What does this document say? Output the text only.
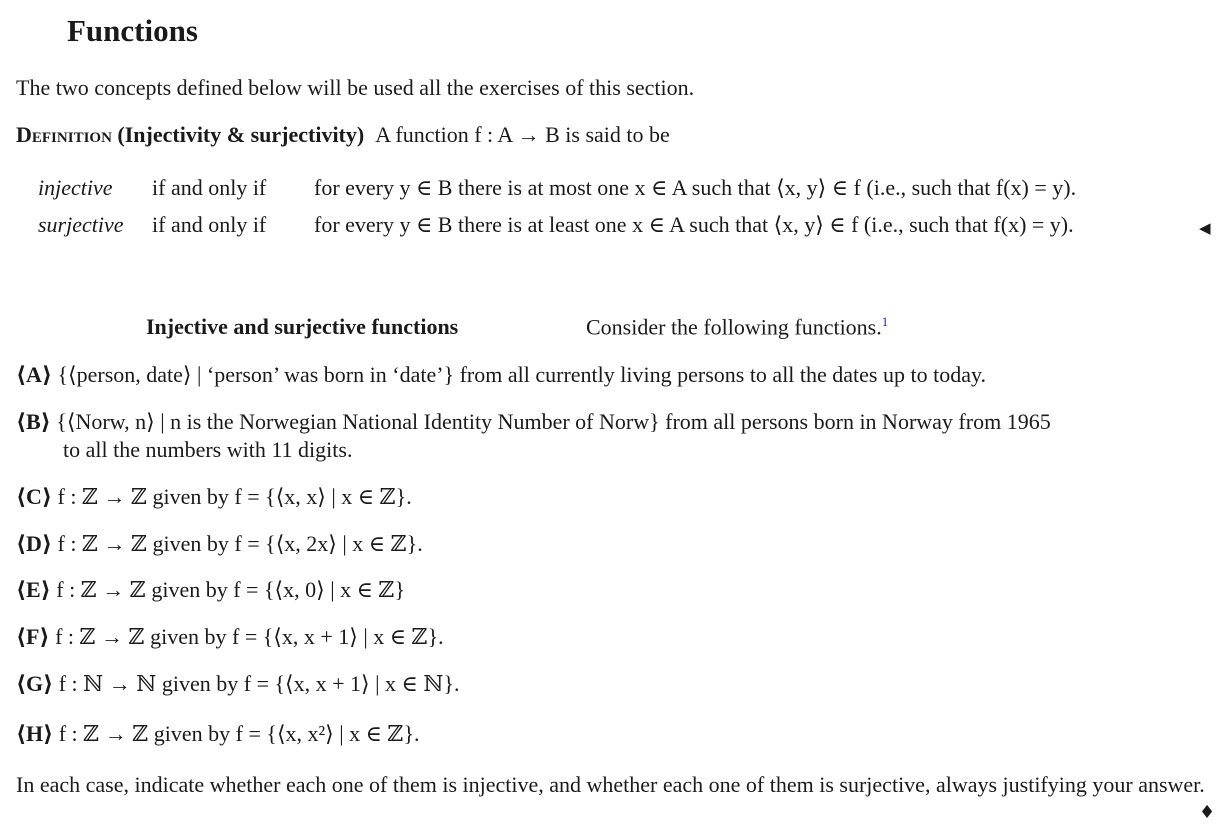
Functions
The two concepts defined below will be used all the exercises of this section.
Definition (Injectivity & surjectivity) A function f : A → B is said to be
injective if and only if for every y ∈ B there is at most one x ∈ A such that ⟨x, y⟩ ∈ f (i.e., such that f(x) = y).
surjective if and only if for every y ∈ B there is at least one x ∈ A such that ⟨x, y⟩ ∈ f (i.e., such that f(x) = y).	◀
Injective and surjective functions	Consider the following functions.$^1$
⟨A⟩ {⟨person, date⟩ | ‘person’ was born in ‘date’} from all currently living persons to all the dates up to today.
⟨B⟩ {⟨Norw, n⟩ | n is the Norwegian National Identity Number of Norw} from all persons born in Norway from 1965
to all the numbers with 11 digits.
⟨C⟩ f : ℤ → ℤ given by f = {⟨x, x⟩ | x ∈ ℤ}.
⟨D⟩ f : ℤ → ℤ given by f = {⟨x, 2x⟩ | x ∈ ℤ}.
⟨E⟩ f : ℤ → ℤ given by f = {⟨x, 0⟩ | x ∈ ℤ}
⟨F⟩ f : ℤ → ℤ given by f = {⟨x, x + 1⟩ | x ∈ ℤ}.
⟨G⟩ f : ℕ → ℕ given by f = {⟨x, x + 1⟩ | x ∈ ℕ}.
⟨H⟩ f : ℤ → ℤ given by f = {⟨x, x²⟩ | x ∈ ℤ}.
In each case, indicate whether each one of them is injective, and whether each one of them is surjective, always justifying your answer.
♦
